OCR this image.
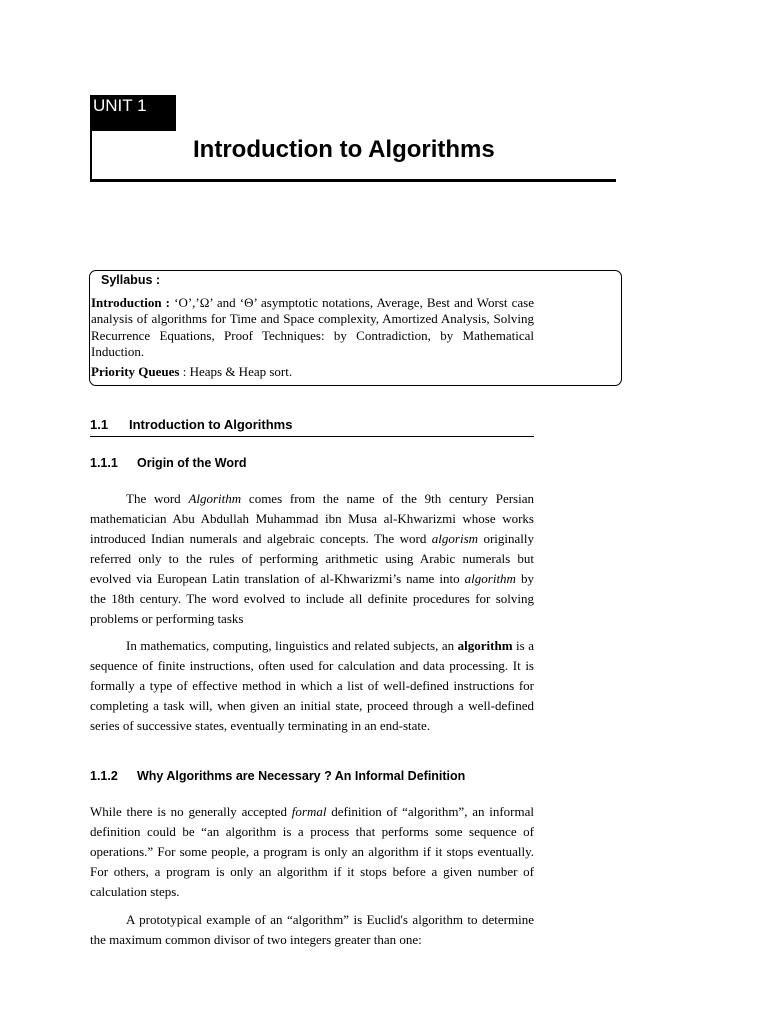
UNIT 1
Introduction to Algorithms
Syllabus :
Introduction : ‘O’,’Ω’ and ‘Θ’ asymptotic notations, Average, Best and Worst case analysis of algorithms for Time and Space complexity, Amortized Analysis, Solving Recurrence Equations, Proof Techniques: by Contradiction, by Mathematical Induction.
Priority Queues : Heaps & Heap sort.
1.1 Introduction to Algorithms
1.1.1 Origin of the Word
The word Algorithm comes from the name of the 9th century Persian mathematician Abu Abdullah Muhammad ibn Musa al-Khwarizmi whose works introduced Indian numerals and algebraic concepts. The word algorism originally referred only to the rules of performing arithmetic using Arabic numerals but evolved via European Latin translation of al-Khwarizmi’s name into algorithm by the 18th century. The word evolved to include all definite procedures for solving problems or performing tasks
In mathematics, computing, linguistics and related subjects, an algorithm is a sequence of finite instructions, often used for calculation and data processing. It is formally a type of effective method in which a list of well-defined instructions for completing a task will, when given an initial state, proceed through a well-defined series of successive states, eventually terminating in an end-state.
1.1.2 Why Algorithms are Necessary ? An Informal Definition
While there is no generally accepted formal definition of “algorithm”, an informal definition could be “an algorithm is a process that performs some sequence of operations.” For some people, a program is only an algorithm if it stops eventually. For others, a program is only an algorithm if it stops before a given number of calculation steps.
A prototypical example of an “algorithm” is Euclid's algorithm to determine the maximum common divisor of two integers greater than one:
